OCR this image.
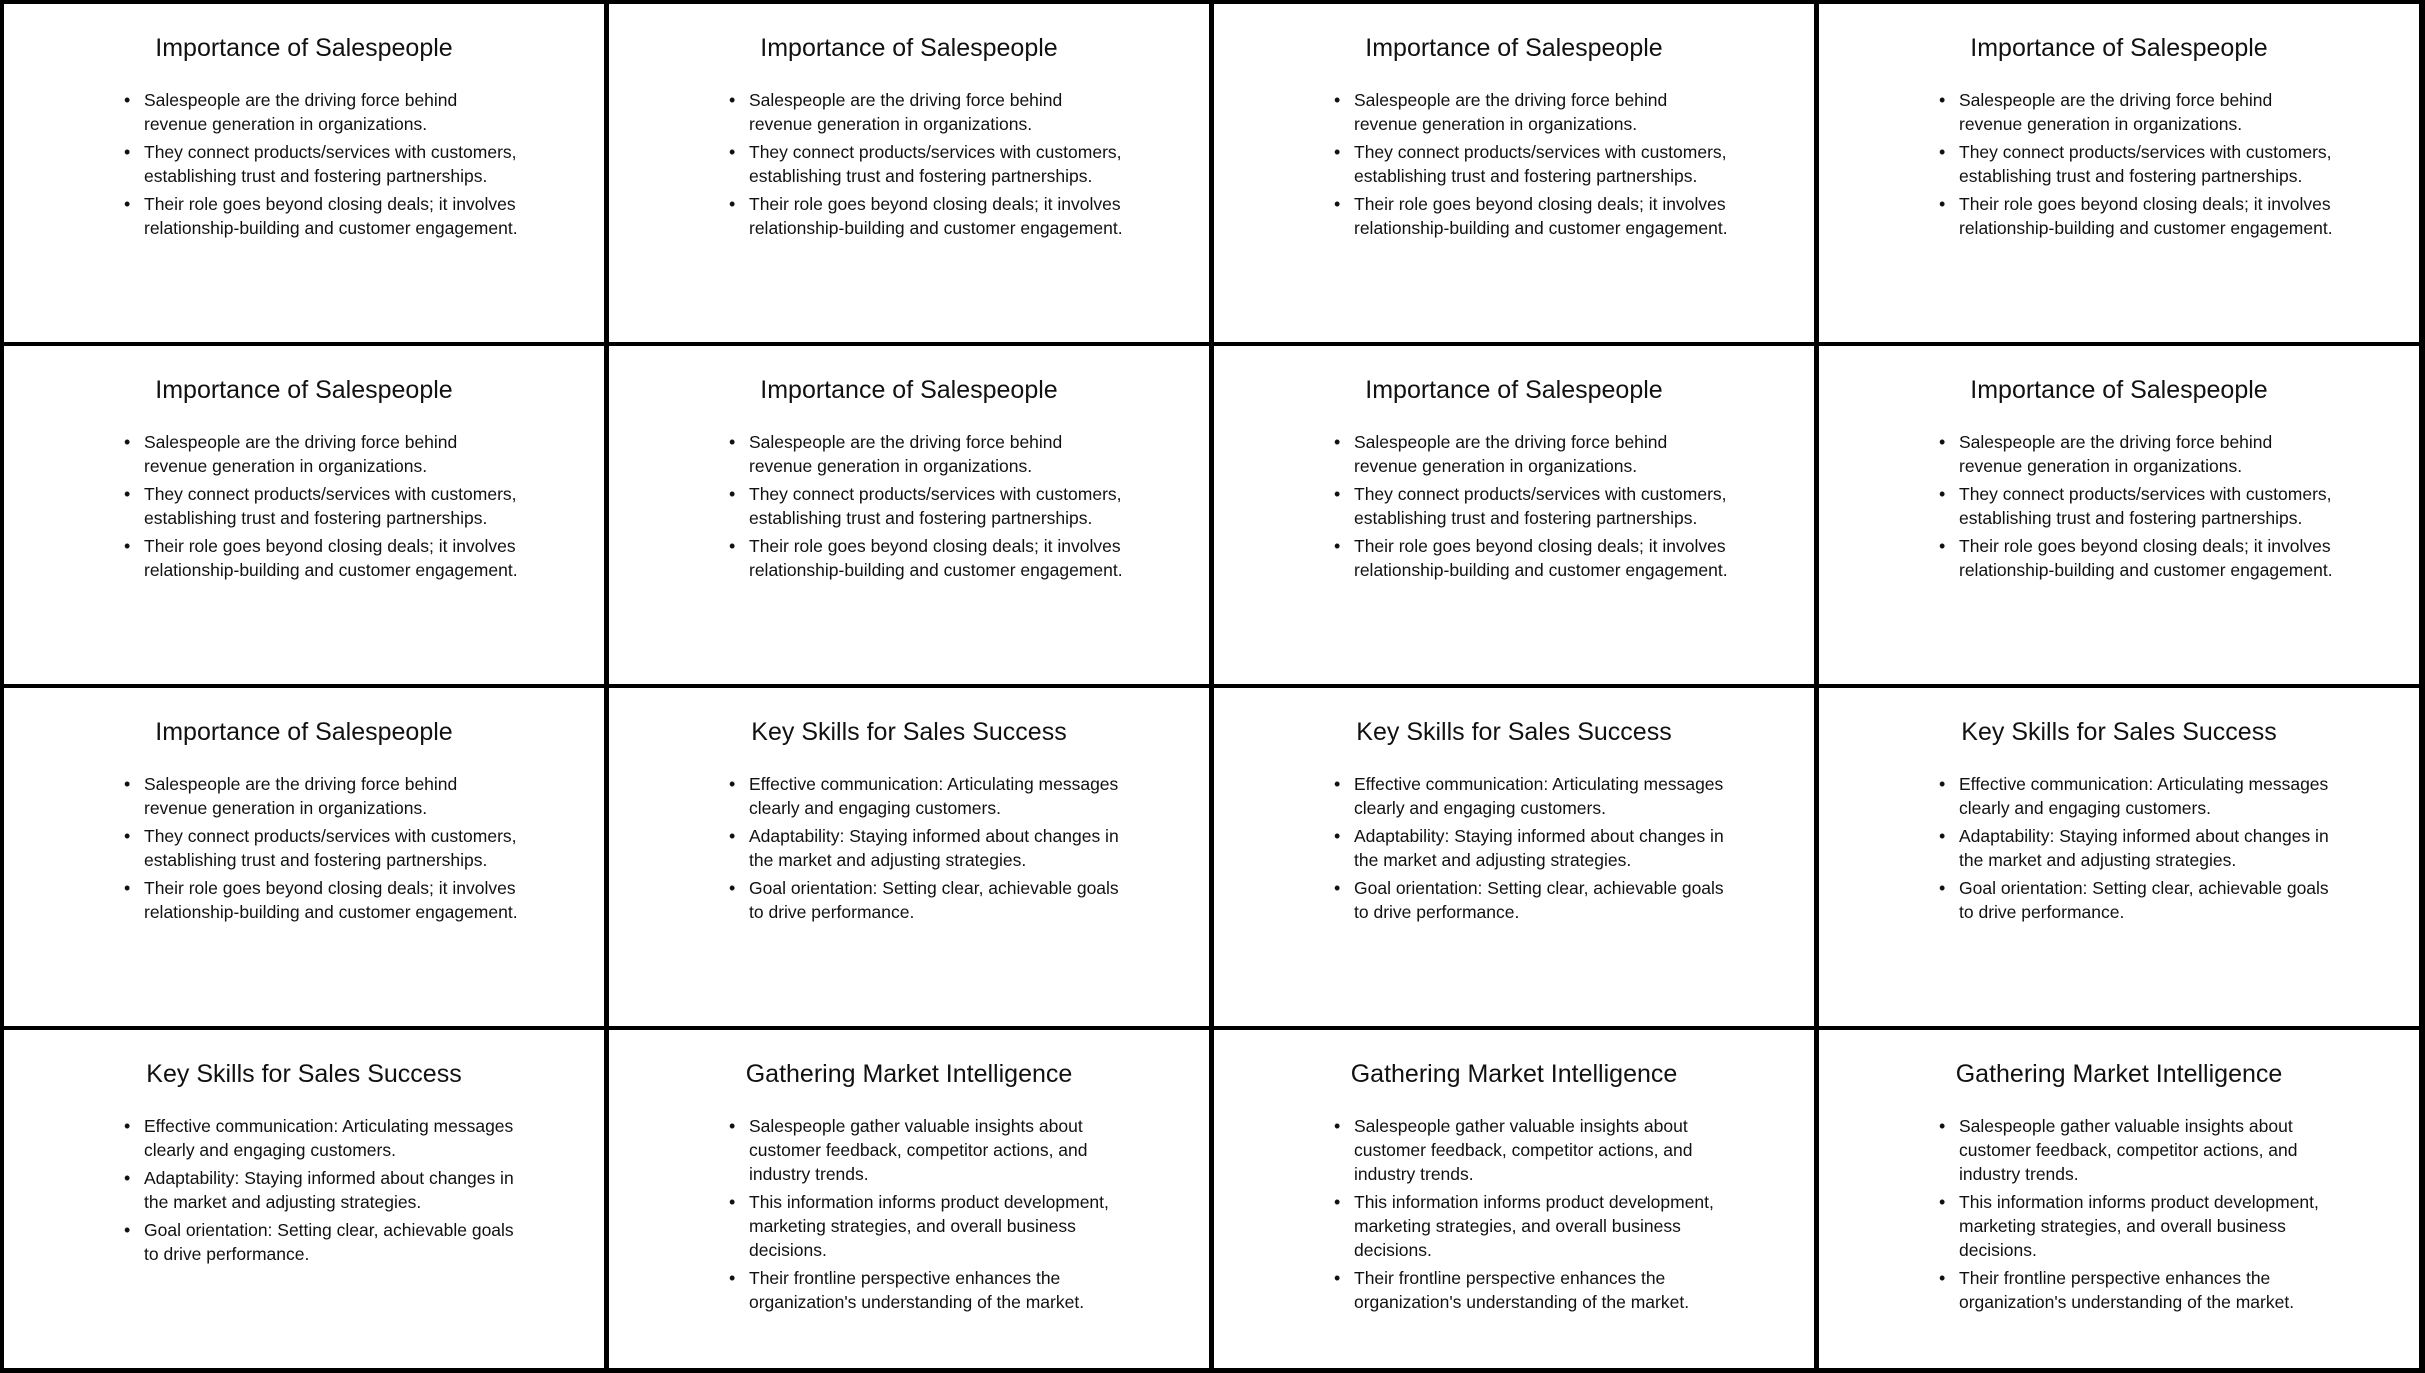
Importance of Salespeople
• Salespeople are the driving force behind revenue generation in organizations.
• They connect products/services with customers, establishing trust and fostering partnerships.
• Their role goes beyond closing deals; it involves relationship-building and customer engagement.
Importance of Salespeople
• Salespeople are the driving force behind revenue generation in organizations.
• They connect products/services with customers, establishing trust and fostering partnerships.
• Their role goes beyond closing deals; it involves relationship-building and customer engagement.
Importance of Salespeople
• Salespeople are the driving force behind revenue generation in organizations.
• They connect products/services with customers, establishing trust and fostering partnerships.
• Their role goes beyond closing deals; it involves relationship-building and customer engagement.
Importance of Salespeople
• Salespeople are the driving force behind revenue generation in organizations.
• They connect products/services with customers, establishing trust and fostering partnerships.
• Their role goes beyond closing deals; it involves relationship-building and customer engagement.
Importance of Salespeople
• Salespeople are the driving force behind revenue generation in organizations.
• They connect products/services with customers, establishing trust and fostering partnerships.
• Their role goes beyond closing deals; it involves relationship-building and customer engagement.
Importance of Salespeople
• Salespeople are the driving force behind revenue generation in organizations.
• They connect products/services with customers, establishing trust and fostering partnerships.
• Their role goes beyond closing deals; it involves relationship-building and customer engagement.
Importance of Salespeople
• Salespeople are the driving force behind revenue generation in organizations.
• They connect products/services with customers, establishing trust and fostering partnerships.
• Their role goes beyond closing deals; it involves relationship-building and customer engagement.
Importance of Salespeople
• Salespeople are the driving force behind revenue generation in organizations.
• They connect products/services with customers, establishing trust and fostering partnerships.
• Their role goes beyond closing deals; it involves relationship-building and customer engagement.
Importance of Salespeople
• Salespeople are the driving force behind revenue generation in organizations.
• They connect products/services with customers, establishing trust and fostering partnerships.
• Their role goes beyond closing deals; it involves relationship-building and customer engagement.
Key Skills for Sales Success
• Effective communication: Articulating messages clearly and engaging customers.
• Adaptability: Staying informed about changes in the market and adjusting strategies.
• Goal orientation: Setting clear, achievable goals to drive performance.
Key Skills for Sales Success
• Effective communication: Articulating messages clearly and engaging customers.
• Adaptability: Staying informed about changes in the market and adjusting strategies.
• Goal orientation: Setting clear, achievable goals to drive performance.
Key Skills for Sales Success
• Effective communication: Articulating messages clearly and engaging customers.
• Adaptability: Staying informed about changes in the market and adjusting strategies.
• Goal orientation: Setting clear, achievable goals to drive performance.
Key Skills for Sales Success
• Effective communication: Articulating messages clearly and engaging customers.
• Adaptability: Staying informed about changes in the market and adjusting strategies.
• Goal orientation: Setting clear, achievable goals to drive performance.
Gathering Market Intelligence
• Salespeople gather valuable insights about customer feedback, competitor actions, and industry trends.
• This information informs product development, marketing strategies, and overall business decisions.
• Their frontline perspective enhances the organization's understanding of the market.
Gathering Market Intelligence
• Salespeople gather valuable insights about customer feedback, competitor actions, and industry trends.
• This information informs product development, marketing strategies, and overall business decisions.
• Their frontline perspective enhances the organization's understanding of the market.
Gathering Market Intelligence
• Salespeople gather valuable insights about customer feedback, competitor actions, and industry trends.
• This information informs product development, marketing strategies, and overall business decisions.
• Their frontline perspective enhances the organization's understanding of the market.
